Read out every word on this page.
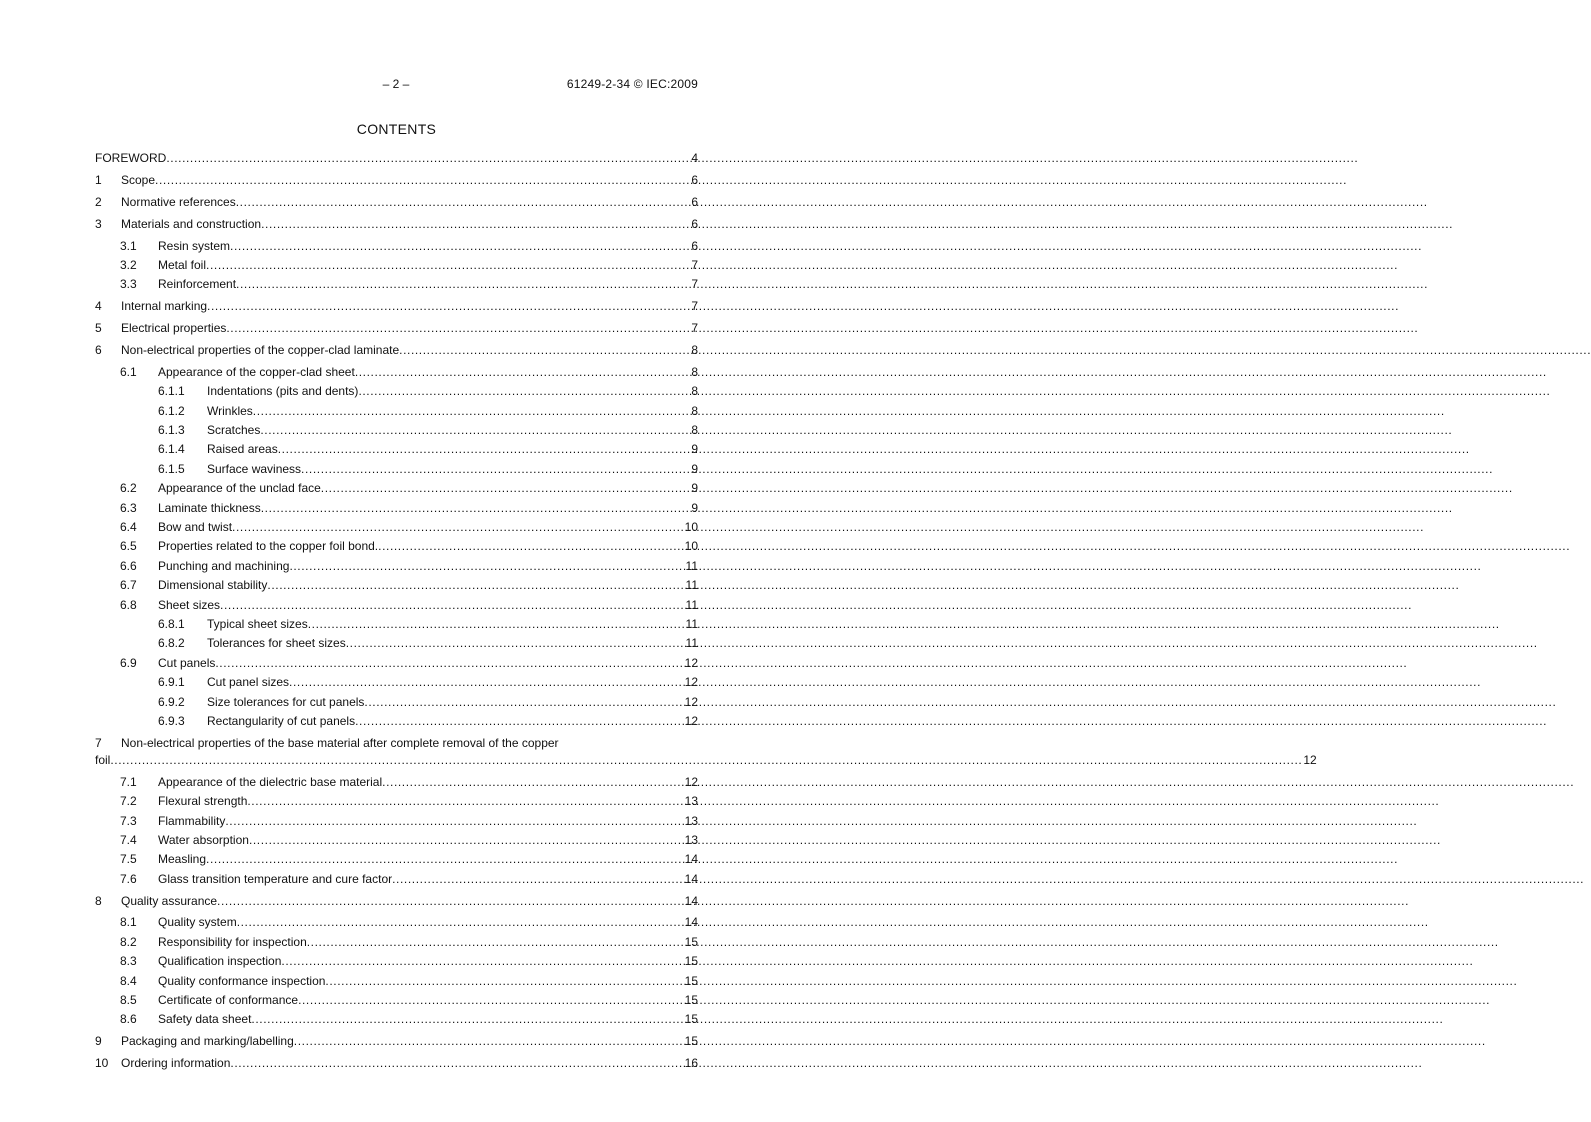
– 2 –	61249-2-34 © IEC:2009
CONTENTS
FOREWORD .....	4
1	Scope .....	6
2	Normative references .....	6
3	Materials and construction .....	6
3.1	Resin system .....	6
3.2	Metal foil .....	7
3.3	Reinforcement .....	7
4	Internal marking .....	7
5	Electrical properties .....	7
6	Non-electrical properties of the copper-clad laminate .....	8
6.1	Appearance of the copper-clad sheet .....	8
6.1.1	Indentations (pits and dents) .....	8
6.1.2	Wrinkles .....	8
6.1.3	Scratches .....	8
6.1.4	Raised areas .....	9
6.1.5	Surface waviness .....	9
6.2	Appearance of the unclad face .....	9
6.3	Laminate thickness .....	9
6.4	Bow and twist .....	10
6.5	Properties related to the copper foil bond. .....	10
6.6	Punching and machining .....	11
6.7	Dimensional stability .....	11
6.8	Sheet sizes .....	11
6.8.1	Typical sheet sizes .....	11
6.8.2	Tolerances for sheet sizes .....	11
6.9	Cut panels .....	12
6.9.1	Cut panel sizes .....	12
6.9.2	Size tolerances for cut panels .....	12
6.9.3	Rectangularity of cut panels .....	12
7	Non-electrical properties of the base material after complete removal of the copper
foil .....	12
7.1	Appearance of the dielectric base material .....	12
7.2	Flexural strength .....	13
7.3	Flammability .....	13
7.4	Water absorption .....	13
7.5	Measling .....	14
7.6	Glass transition temperature and cure factor .....	14
8	Quality assurance .....	14
8.1	Quality system .....	14
8.2	Responsibility for inspection .....	15
8.3	Qualification inspection .....	15
8.4	Quality conformance inspection .....	15
8.5	Certificate of conformance .....	15
8.6	Safety data sheet .....	15
9	Packaging and marking/labelling .....	15
10	Ordering information .....	16
